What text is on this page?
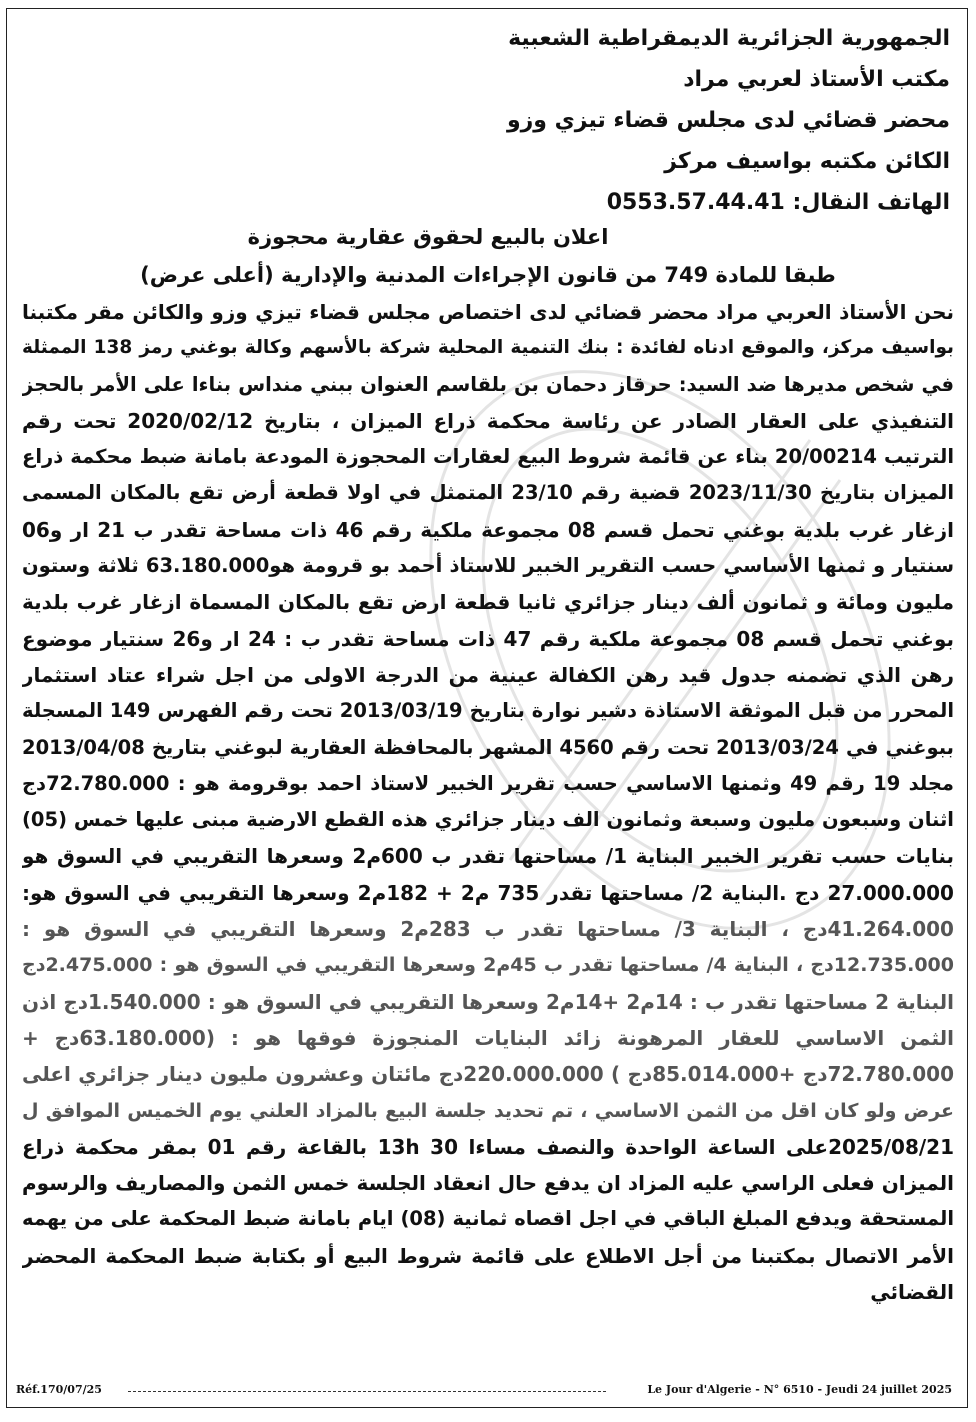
الجمهورية الجزائرية الديمقراطية الشعبية
مكتب الأستاذ لعربي مراد
محضر قضائي لدى مجلس قضاء تيزي وزو
الكائن مكتبه بواسيف مركز
الهاتف النقال: 0553.57.44.41
اعلان بالبيع لحقوق عقارية محجوزة
طبقا للمادة 749 من قانون الإجراءات المدنية والإدارية (أعلى عرض)
نحن الأستاذ العربي مراد محضر قضائي لدى اختصاص مجلس قضاء تيزي وزو والكائن مقر مكتبنا
بواسيف مركز، والموقع ادناه لفائدة : بنك التنمية المحلية شركة بالأسهم وكالة بوغني رمز 138 الممثلة
في شخص مديرها ضد السيد: حرقاز دحمان بن بلقاسم العنوان ببني منداس بناءا على الأمر بالحجز
التنفيذي على العقار الصادر عن رئاسة محكمة ذراع الميزان ، بتاريخ 2020/02/12 تحت رقم
الترتيب 20/00214 بناء عن قائمة شروط البيع لعقارات المحجوزة المودعة بامانة ضبط محكمة ذراع
الميزان بتاريخ 2023/11/30 قضية رقم 23/10 المتمثل في اولا قطعة أرض تقع بالمكان المسمى
ازغار غرب بلدية بوغني تحمل قسم 08 مجموعة ملكية رقم 46 ذات مساحة تقدر ب 21 ار و06
سنتيار و ثمنها الأساسي حسب التقرير الخبير للاستاذ أحمد بو قرومة هو63.180.000 ثلاثة وستون
مليون ومائة و ثمانون ألف دينار جزائري ثانيا قطعة ارض تقع بالمكان المسماة ازغار غرب بلدية
بوغني تحمل قسم 08 مجموعة ملكية رقم 47 ذات مساحة تقدر ب : 24 ار و26 سنتيار موضوع
رهن الذي تضمنه جدول قيد رهن الكفالة عينية من الدرجة الاولى من اجل شراء عتاد استثمار
المحرر من قبل الموثقة الاستاذة دشير نوارة بتاريخ 2013/03/19 تحت رقم الفهرس 149 المسجلة
ببوغني في 2013/03/24 تحت رقم 4560 المشهر بالمحافظة العقارية لبوغني بتاريخ 2013/04/08
مجلد 19 رقم 49 وثمنها الاساسي حسب تقرير الخبير لاستاذ احمد بوقرومة هو : 72.780.000دج
اثنان وسبعون مليون وسبعة وثمانون الف دينار جزائري هذه القطع الارضية مبنى عليها خمس (05)
بنايات حسب تقرير الخبير البناية 1/ مساحتها تقدر ب 600م2 وسعرها التقريبي في السوق هو
27.000.000 دج .البناية 2/ مساحتها تقدر 735 م2 + 182م2 وسعرها التقريبي في السوق هو:
41.264.000دج ، البناية 3/ مساحتها تقدر ب 283م2 وسعرها التقريبي في السوق هو :
12.735.000دج ، البناية 4/ مساحتها تقدر ب 45م2 وسعرها التقريبي في السوق هو : 2.475.000دج
البناية 2 مساحتها تقدر ب : 14م2 +14م2 وسعرها التقريبي في السوق هو : 1.540.000دج اذن
الثمن الاساسي للعقار المرهونة زائد البنايات المنجوزة فوقها هو : (63.180.000دج +
72.780.000دج +85.014.000دج ) 220.000.000دج مائتان وعشرون مليون دينار جزائري اعلى
عرض ولو كان اقل من الثمن الاساسي ، تم تحديد جلسة البيع بالمزاد العلني يوم الخميس الموافق ل
2025/08/21على الساعة الواحدة والنصف مساءا 13h 30 بالقاعة رقم 01 بمقر محكمة ذراع
الميزان فعلى الراسي عليه المزاد ان يدفع حال انعقاد الجلسة خمس الثمن والمصاريف والرسوم
المستحقة ويدفع المبلغ الباقي في اجل اقصاه ثمانية (08) ايام بامانة ضبط المحكمة على من يهمه
الأمر الاتصال بمكتبنا من أجل الاطلاع على قائمة شروط البيع أو بكتابة ضبط المحكمة المحضر
القضائي
Réf.170/07/25	Le Jour d'Algerie - N° 6510 - Jeudi 24 juillet 2025
